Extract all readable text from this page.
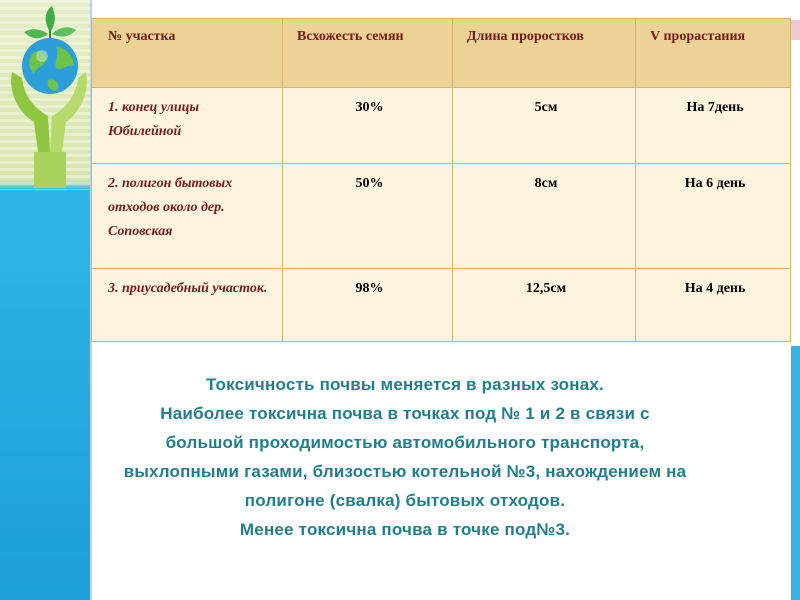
№ участка	Всхожесть семян	Длина проростков	V прорастания
1. конец улицы Юбилейной	30%	5см	На 7день
2. полигон бытовых отходов около дер. Соповская	50%	8см	На 6 день
3. приусадебный участок.	98%	12,5см	На 4 день

Токсичность почвы меняется в разных зонах.

Наиболее токсична почва в точках под № 1 и 2 в связи с большой проходимостью автомобильного транспорта, выхлопными газами, близостью котельной №3, нахождением на полигоне (свалка) бытовых отходов.

Менее токсична почва в точке под№3.
